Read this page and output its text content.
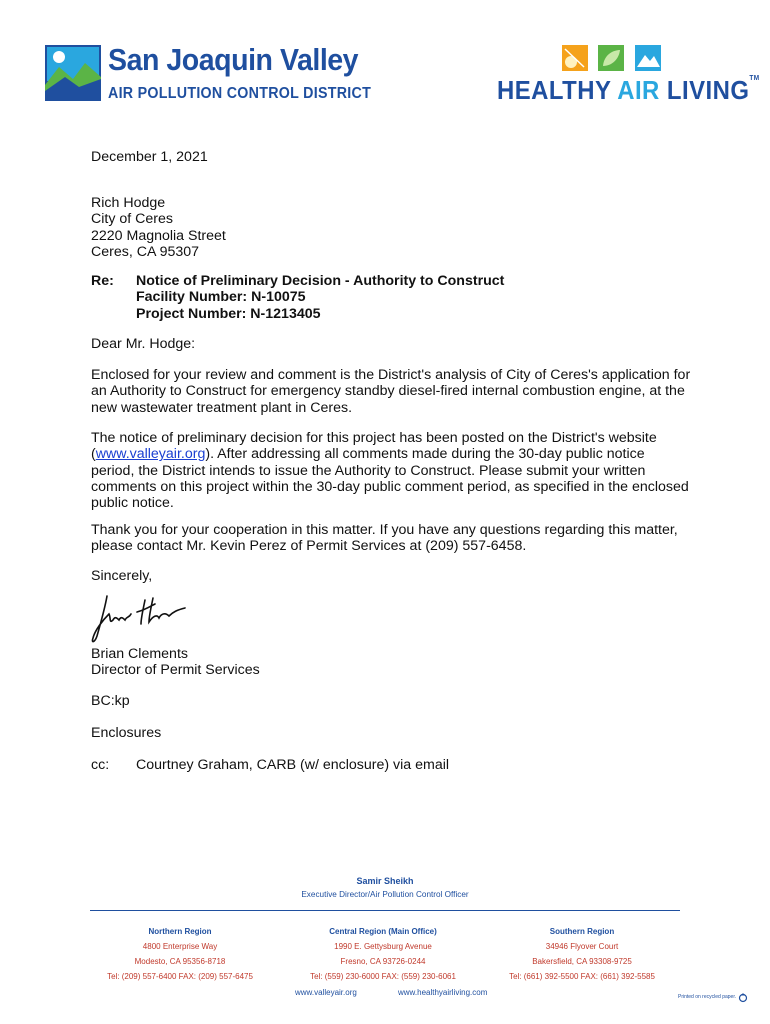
San Joaquin Valley
AIR POLLUTION CONTROL DISTRICT
	HEALTHY AIR LIVING™
December 1, 2021

Rich Hodge

City of Ceres

2220 Magnolia Street

Ceres, CA 95307

Re: Notice of Preliminary Decision - Authority to Construct
Facility Number: N-10075
Project Number: N-1213405
Dear Mr. Hodge:
Enclosed for your review and comment is the District's analysis of City of Ceres's application for an Authority to Construct for emergency standby diesel-fired internal combustion engine, at the new wastewater treatment plant in Ceres.
The notice of preliminary decision for this project has been posted on the District's website (www.valleyair.org). After addressing all comments made during the 30-day public notice period, the District intends to issue the Authority to Construct. Please submit your written comments on this project within the 30-day public comment period, as specified in the enclosed public notice.
Thank you for your cooperation in this matter. If you have any questions regarding this matter, please contact Mr. Kevin Perez of Permit Services at (209) 557-6458.
Sincerely,

Brian Clements

Director of Permit Services

BC:kp
Enclosures
cc: Courtney Graham, CARB (w/ enclosure) via email
Samir Sheikh
Executive Director/Air Pollution Control Officer
Northern Region
4800 Enterprise Way
Modesto, CA 95356-8718
Tel: (209) 557-6400 FAX: (209) 557-6475
Central Region (Main Office)
1990 E. Gettysburg Avenue
Fresno, CA 93726-0244
Tel: (559) 230-6000 FAX: (559) 230-6061
Southern Region
34946 Flyover Court
Bakersfield, CA 93308-9725
Tel: (661) 392-5500 FAX: (661) 392-5585
www.valleyair.org	www.healthyairliving.com	Printed on recycled paper.
